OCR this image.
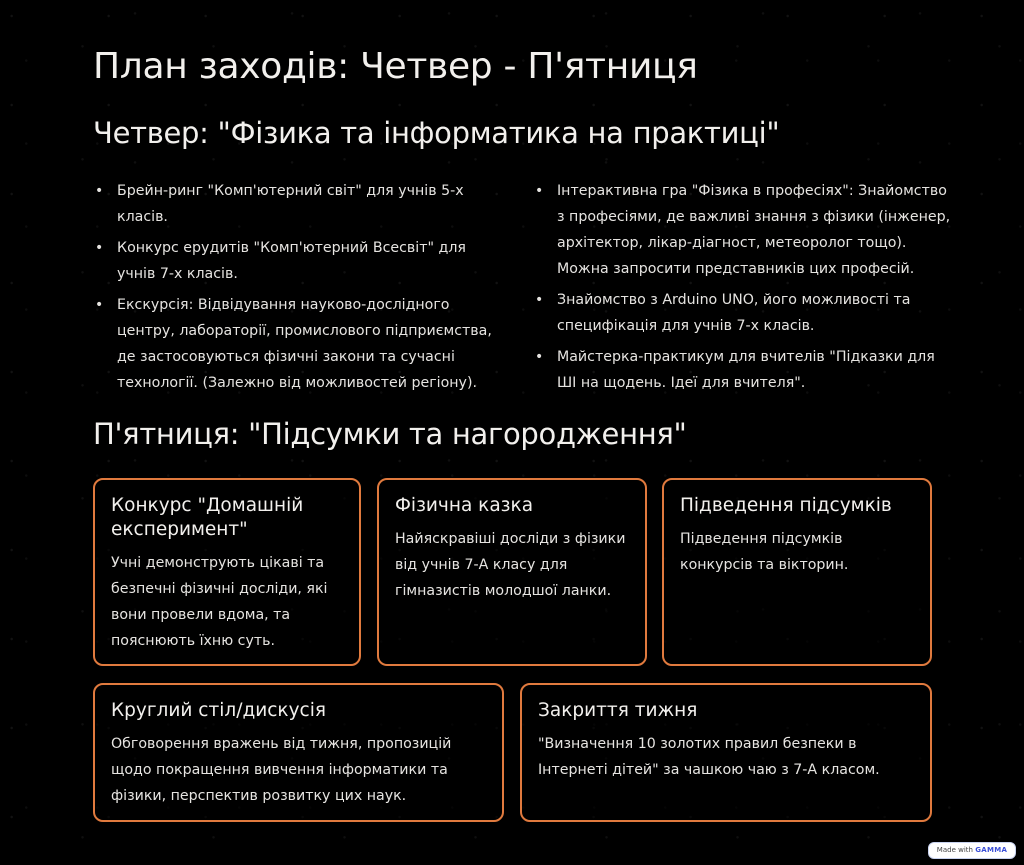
План заходів: Четвер - П'ятниця
Четвер: "Фізика та інформатика на практиці"
• Брейн-ринг "Комп'ютерний світ" для учнів 5-х класів.
• Конкурс ерудитів "Комп'ютерний Всесвіт" для учнів 7-х класів.
• Екскурсія: Відвідування науково-дослідного центру, лабораторії, промислового підприємства, де застосовуються фізичні закони та сучасні технології. (Залежно від можливостей регіону).
• Інтерактивна гра "Фізика в професіях": Знайомство з професіями, де важливі знання з фізики (інженер, архітектор, лікар-діагност, метеоролог тощо). Можна запросити представників цих професій.
• Знайомство з Arduino UNO, його можливості та специфікація для учнів 7-х класів.
• Майстерка-практикум для вчителів "Підказки для ШІ на щодень. Ідеї для вчителя".
П'ятниця: "Підсумки та нагородження"
Конкурс "Домашній експеримент"

Учні демонструють цікаві та безпечні фізичні досліди, які вони провели вдома, та пояснюють їхню суть.

Фізична казка

Найяскравіші досліди з фізики від учнів 7-А класу для гімназистів молодшої ланки.

Підведення підсумків

Підведення підсумків конкурсів та вікторин.

Круглий стіл/дискусія

Обговорення вражень від тижня, пропозицій щодо покращення вивчення інформатики та фізики, перспектив розвитку цих наук.

Закриття тижня

"Визначення 10 золотих правил безпеки в Інтернеті дітей" за чашкою чаю з 7-А класом.

Made with GAMMA
